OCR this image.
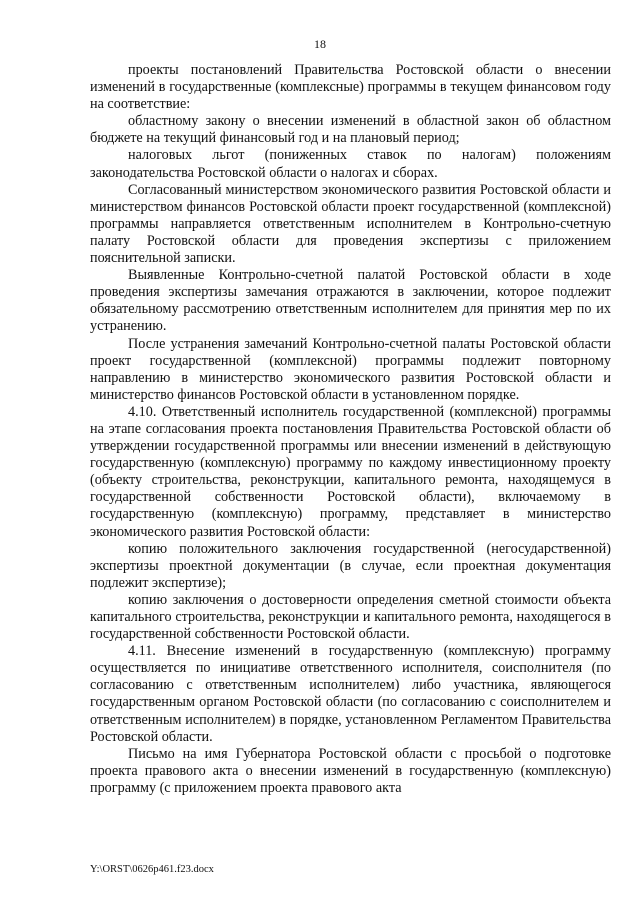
18

проекты постановлений Правительства Ростовской области о внесении изменений в государственные (комплексные) программы в текущем финансовом году на соответствие:

областному закону о внесении изменений в областной закон об областном бюджете на текущий финансовый год и на плановый период;

налоговых льгот (пониженных ставок по налогам) положениям законодательства Ростовской области о налогах и сборах.

Согласованный министерством экономического развития Ростовской области и министерством финансов Ростовской области проект государственной (комплексной) программы направляется ответственным исполнителем в Контрольно-счетную палату Ростовской области для проведения экспертизы с приложением пояснительной записки.

Выявленные Контрольно-счетной палатой Ростовской области в ходе проведения экспертизы замечания отражаются в заключении, которое подлежит обязательному рассмотрению ответственным исполнителем для принятия мер по их устранению.

После устранения замечаний Контрольно-счетной палаты Ростовской области проект государственной (комплексной) программы подлежит повторному направлению в министерство экономического развития Ростовской области и министерство финансов Ростовской области в установленном порядке.

4.10. Ответственный исполнитель государственной (комплексной) программы на этапе согласования проекта постановления Правительства Ростовской области об утверждении государственной программы или внесении изменений в действующую государственную (комплексную) программу по каждому инвестиционному проекту (объекту строительства, реконструкции, капитального ремонта, находящемуся в государственной собственности Ростовской области), включаемому в государственную (комплексную) программу, представляет в министерство экономического развития Ростовской области:

копию положительного заключения государственной (негосударственной) экспертизы проектной документации (в случае, если проектная документация подлежит экспертизе);

копию заключения о достоверности определения сметной стоимости объекта капитального строительства, реконструкции и капитального ремонта, находящегося в государственной собственности Ростовской области.

4.11. Внесение изменений в государственную (комплексную) программу осуществляется по инициативе ответственного исполнителя, соисполнителя (по согласованию с ответственным исполнителем) либо участника, являющегося государственным органом Ростовской области (по согласованию с соисполнителем и ответственным исполнителем) в порядке, установленном Регламентом Правительства Ростовской области.

Письмо на имя Губернатора Ростовской области с просьбой о подготовке проекта правового акта о внесении изменений в государственную (комплексную) программу (с приложением проекта правового акта

Y:\ORST\0626p461.f23.docx
